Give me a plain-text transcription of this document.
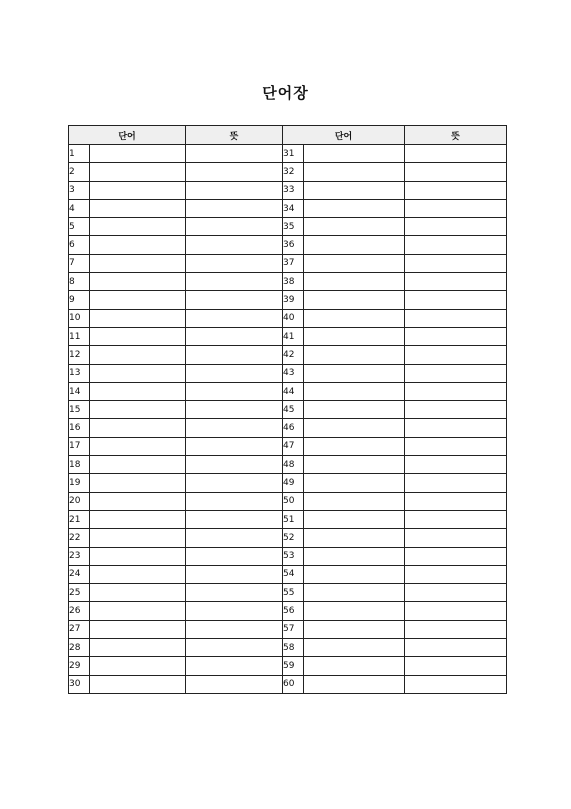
단어장
단어		뜻	단어		뜻
1			31		
2			32		
3			33		
4			34		
5			35		
6			36		
7			37		
8			38		
9			39		
10			40		
11			41		
12			42		
13			43		
14			44		
15			45		
16			46		
17			47		
18			48		
19			49		
20			50		
21			51		
22			52		
23			53		
24			54		
25			55		
26			56		
27			57		
28			58		
29			59		
30			60		
